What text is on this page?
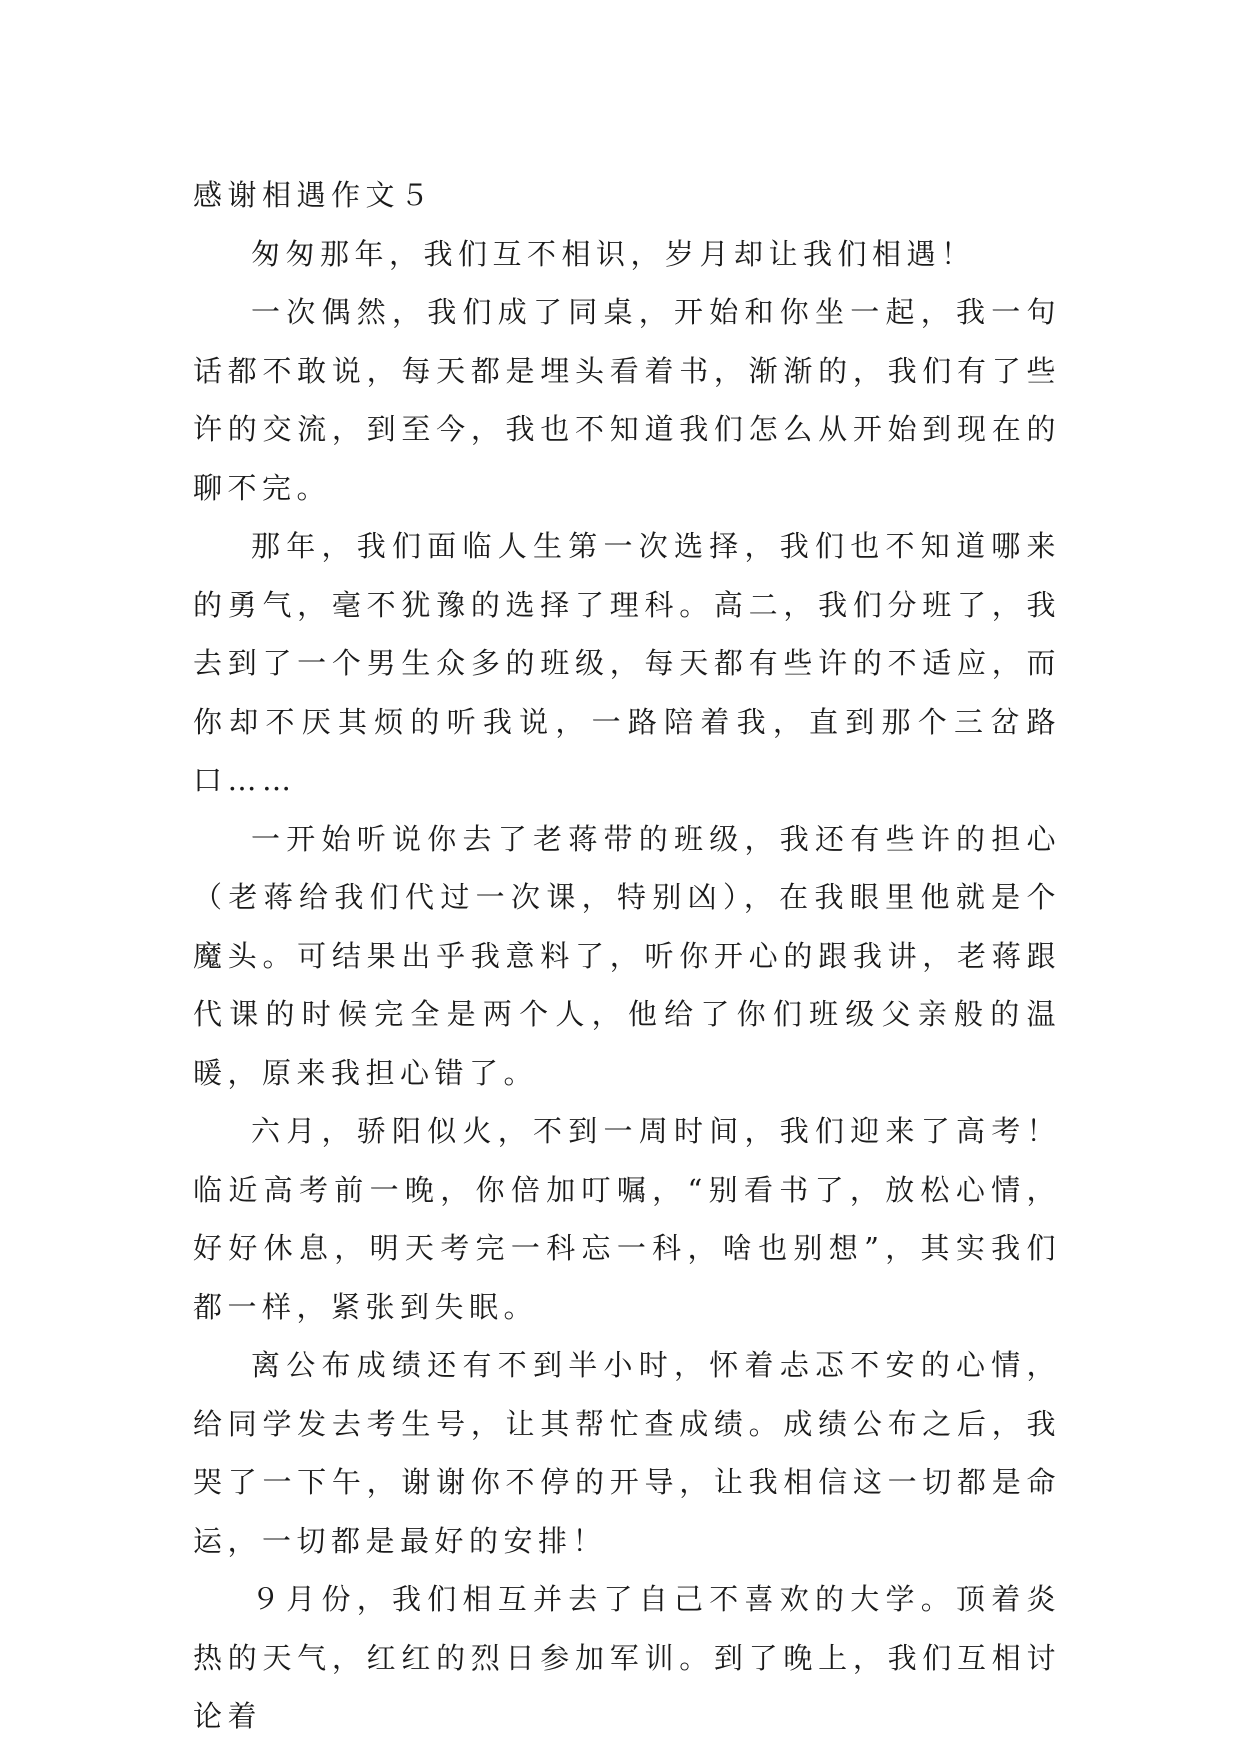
感谢相遇作文５

匆匆那年，我们互不相识，岁月却让我们相遇！

一次偶然，我们成了同桌，开始和你坐一起，我一句话都不敢说，每天都是埋头看着书，渐渐的，我们有了些许的交流，到至今，我也不知道我们怎么从开始到现在的聊不完。

那年，我们面临人生第一次选择，我们也不知道哪来的勇气，毫不犹豫的选择了理科。高二，我们分班了，我去到了一个男生众多的班级，每天都有些许的不适应，而你却不厌其烦的听我说，一路陪着我，直到那个三岔路口……

一开始听说你去了老蒋带的班级，我还有些许的担心（老蒋给我们代过一次课，特别凶），在我眼里他就是个魔头。可结果出乎我意料了，听你开心的跟我讲，老蒋跟代课的时候完全是两个人，他给了你们班级父亲般的温暖，原来我担心错了。

六月，骄阳似火，不到一周时间，我们迎来了高考！临近高考前一晚，你倍加叮嘱，“别看书了，放松心情，好好休息，明天考完一科忘一科，啥也别想”，其实我们都一样，紧张到失眠。

离公布成绩还有不到半小时，怀着忐忑不安的心情，给同学发去考生号，让其帮忙查成绩。成绩公布之后，我哭了一下午，谢谢你不停的开导，让我相信这一切都是命运，一切都是最好的安排！

９月份，我们相互并去了自己不喜欢的大学。顶着炎热的天气，红红的烈日参加军训。到了晚上，我们互相讨论着
